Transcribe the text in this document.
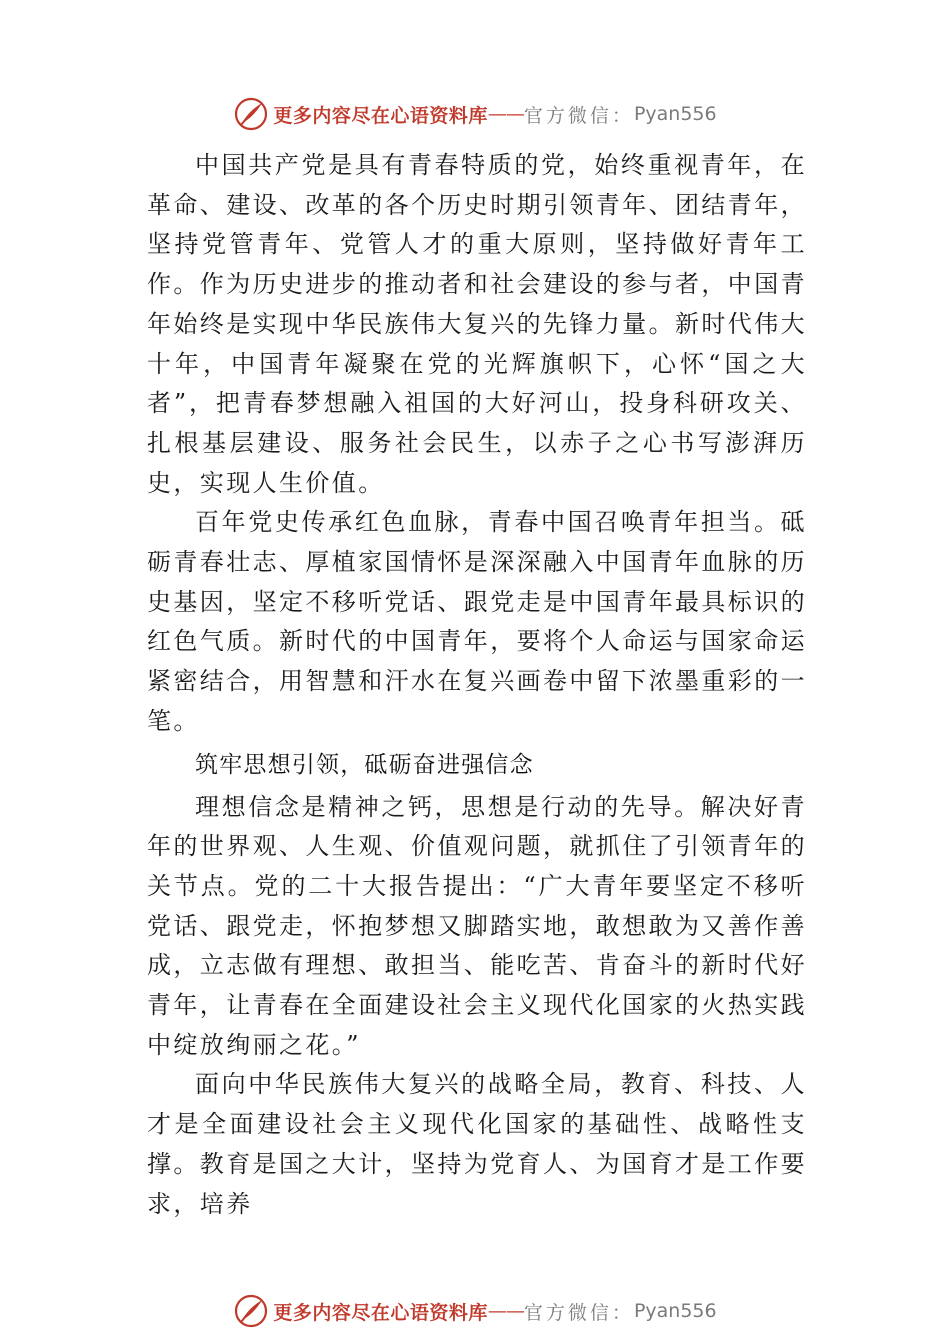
更多内容尽在心语资料库 —— 官方微信： Pyan556

中国共产党是具有青春特质的党，始终重视青年，在革命、建设、改革的各个历史时期引领青年、团结青年，坚持党管青年、党管人才的重大原则，坚持做好青年工作。作为历史进步的推动者和社会建设的参与者，中国青年始终是实现中华民族伟大复兴的先锋力量。新时代伟大十年，中国青年凝聚在党的光辉旗帜下，心怀“国之大者”，把青春梦想融入祖国的大好河山，投身科研攻关、扎根基层建设、服务社会民生，以赤子之心书写澎湃历史，实现人生价值。

百年党史传承红色血脉，青春中国召唤青年担当。砥砺青春壮志、厚植家国情怀是深深融入中国青年血脉的历史基因，坚定不移听党话、跟党走是中国青年最具标识的红色气质。新时代的中国青年，要将个人命运与国家命运紧密结合，用智慧和汗水在复兴画卷中留下浓墨重彩的一笔。

筑牢思想引领，砥砺奋进强信念

理想信念是精神之钙，思想是行动的先导。解决好青年的世界观、人生观、价值观问题，就抓住了引领青年的关节点。党的二十大报告提出：“广大青年要坚定不移听党话、跟党走，怀抱梦想又脚踏实地，敢想敢为又善作善成，立志做有理想、敢担当、能吃苦、肯奋斗的新时代好青年，让青春在全面建设社会主义现代化国家的火热实践中绽放绚丽之花。”

面向中华民族伟大复兴的战略全局，教育、科技、人才是全面建设社会主义现代化国家的基础性、战略性支撑。教育是国之大计，坚持为党育人、为国育才是工作要求，培养

更多内容尽在心语资料库 —— 官方微信： Pyan556
